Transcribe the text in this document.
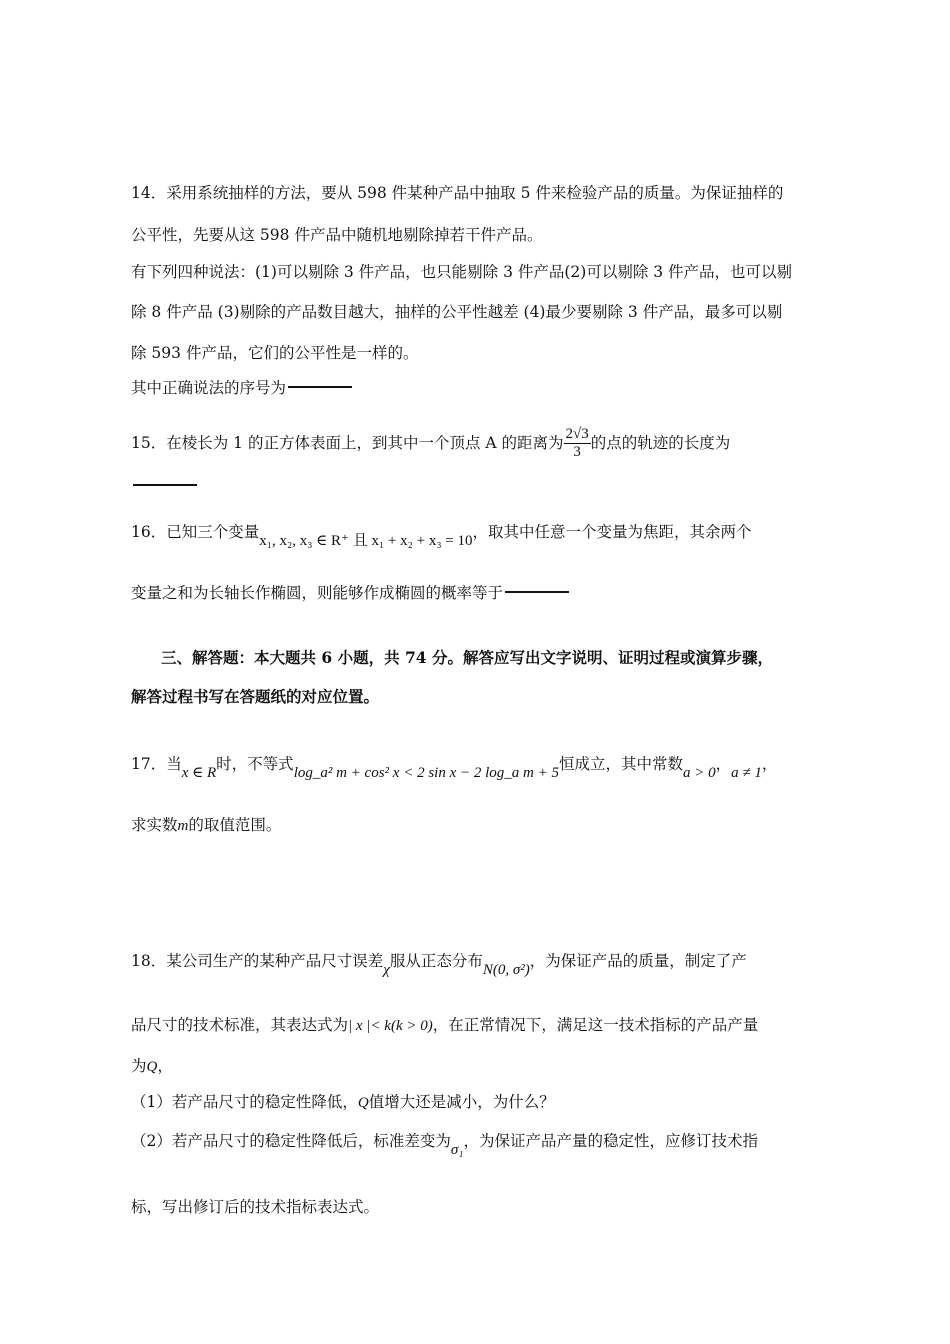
14．采用系统抽样的方法，要从 598 件某种产品中抽取 5 件来检验产品的质量。为保证抽样的
公平性，先要从这 598 件产品中随机地剔除掉若干件产品。
有下列四种说法：(1)可以剔除 3 件产品，也只能剔除 3 件产品(2)可以剔除 3 件产品，也可以剔
除 8 件产品 (3)剔除的产品数目越大，抽样的公平性越差 (4)最少要剔除 3 件产品，最多可以剔
除 593 件产品，它们的公平性是一样的。
其中正确说法的序号为
15．在棱长为 1 的正方体表面上，到其中一个顶点 A 的距离为 $\frac{2√3}{3}$ 的点的轨迹的长度为
16．已知三个变量x₁, x₂, x₃ ∈ R⁺ 且 x₁ + x₂ + x₃ = 10，取其中任意一个变量为焦距，其余两个
变量之和为长轴长作椭圆，则能够作成椭圆的概率等于
三、解答题：本大题共 6 小题，共 74 分。解答应写出文字说明、证明过程或演算步骤，
解答过程书写在答题纸的对应位置。
17．当x ∈ R时，不等式log_a² m + cos² x < 2 sin x − 2 log_a m + 5恒成立，其中常数a > 0，a ≠ 1，
求实数m的取值范围。
18．某公司生产的某种产品尺寸误差χ服从正态分布N(0, σ²)，为保证产品的质量，制定了产
品尺寸的技术标准，其表达式为| x |< k(k > 0)，在正常情况下，满足这一技术指标的产品产量
为Q，
（1）若产品尺寸的稳定性降低，Q值增大还是减小，为什么？
（2）若产品尺寸的稳定性降低后，标准差变为σ₁，为保证产品产量的稳定性，应修订技术指
标，写出修订后的技术指标表达式。
